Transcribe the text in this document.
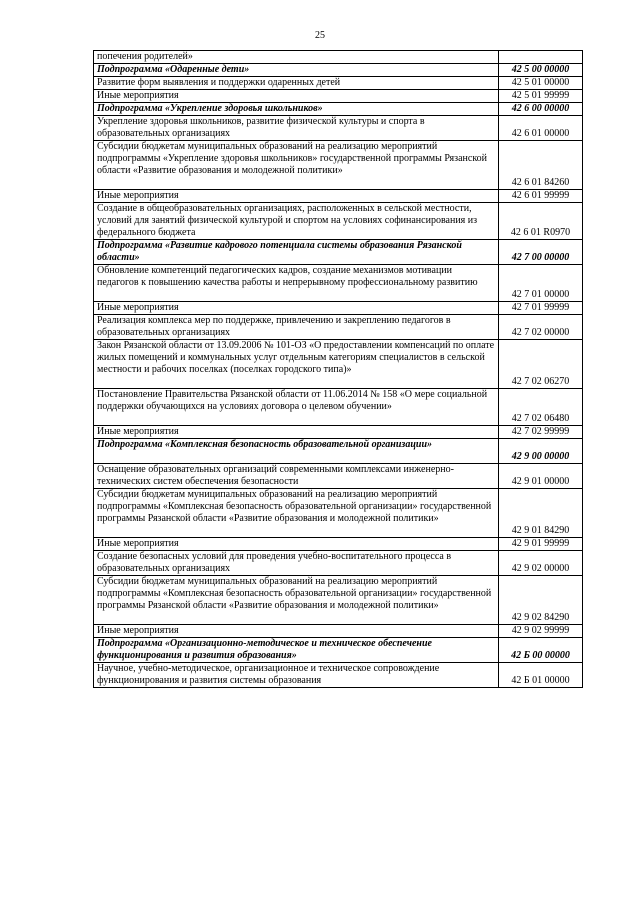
25
попечения родителей»	
Подпрограмма «Одаренные дети»	42 5 00 00000
Развитие форм выявления и поддержки одаренных детей	42 5 01 00000
Иные мероприятия	42 5 01 99999
Подпрограмма «Укрепление здоровья школьников»	42 6 00 00000
Укрепление здоровья школьников, развитие физической культуры и спорта в образовательных организациях	42 6 01 00000
Субсидии бюджетам муниципальных образований на реализацию мероприятий подпрограммы «Укрепление здоровья школьников» государственной программы Рязанской области «Развитие образования и молодежной политики»	42 6 01 84260
Иные мероприятия	42 6 01 99999
Создание в общеобразовательных организациях, расположенных в сельской местности, условий для занятий физической культурой и спортом на условиях софинансирования из федерального бюджета	42 6 01 R0970
Подпрограмма «Развитие кадрового потенциала системы образования Рязанской области»	42 7 00 00000
Обновление компетенций педагогических кадров, создание механизмов мотивации педагогов к повышению качества работы и непрерывному профессиональному развитию	42 7 01 00000
Иные мероприятия	42 7 01 99999
Реализация комплекса мер по поддержке, привлечению и закреплению педагогов в образовательных организациях	42 7 02 00000
Закон Рязанской области от 13.09.2006 № 101-ОЗ «О предоставлении компенсаций по оплате жилых помещений и коммунальных услуг отдельным категориям специалистов в сельской местности и рабочих поселках (поселках городского типа)»	42 7 02 06270
Постановление Правительства Рязанской области от 11.06.2014 № 158 «О мере социальной поддержки обучающихся на условиях договора о целевом обучении»	42 7 02 06480
Иные мероприятия	42 7 02 99999
Подпрограмма «Комплексная безопасность образовательной организации»	42 9 00 00000
Оснащение образовательных организаций современными комплексами инженерно-технических систем обеспечения безопасности	42 9 01 00000
Субсидии бюджетам муниципальных образований на реализацию мероприятий подпрограммы «Комплексная безопасность образовательной организации» государственной программы Рязанской области «Развитие образования и молодежной политики»	42 9 01 84290
Иные мероприятия	42 9 01 99999
Создание безопасных условий для проведения учебно-воспитательного процесса в образовательных организациях	42 9 02 00000
Субсидии бюджетам муниципальных образований на реализацию мероприятий подпрограммы «Комплексная безопасность образовательной организации» государственной программы Рязанской области «Развитие образования и молодежной политики»	42 9 02 84290
Иные мероприятия	42 9 02 99999
Подпрограмма «Организационно-методическое и техническое обеспечение функционирования и развития образования»	42 Б 00 00000
Научное, учебно-методическое, организационное и техническое сопровождение функционирования и развития системы образования	42 Б 01 00000
